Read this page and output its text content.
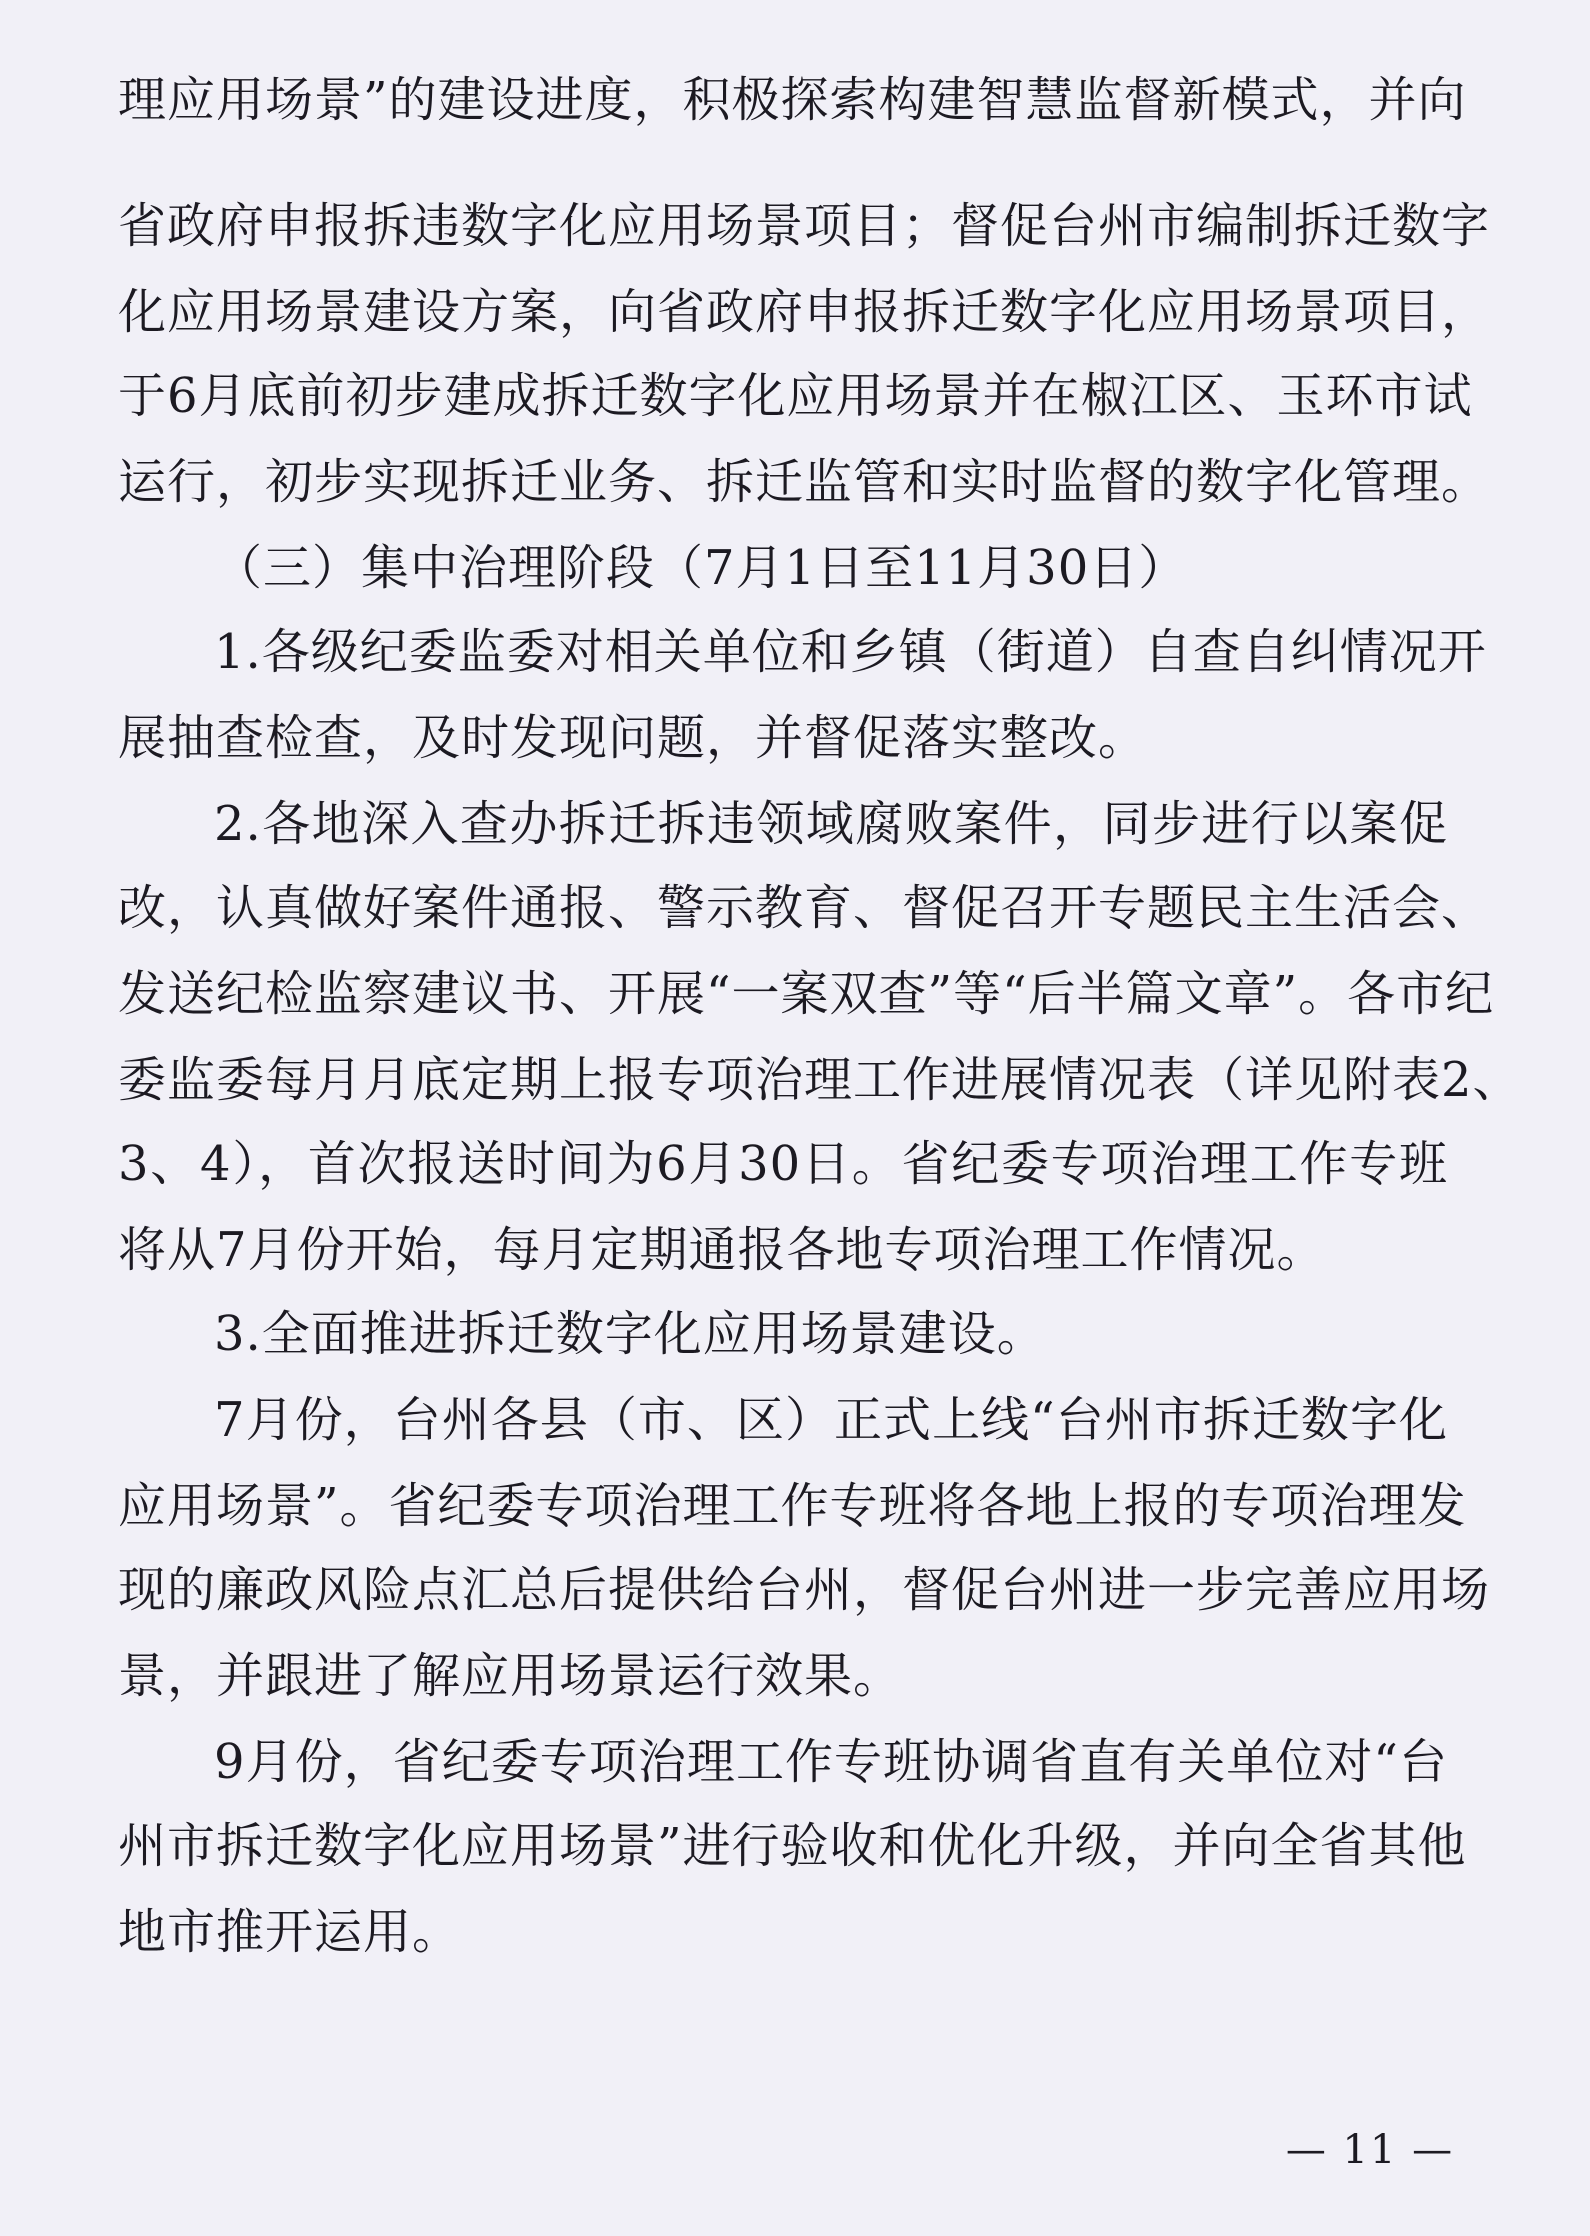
理应用场景”的建设进度，积极探索构建智慧监督新模式，并向
省政府申报拆违数字化应用场景项目；督促台州市编制拆迁数字
化应用场景建设方案，向省政府申报拆迁数字化应用场景项目，
于6月底前初步建成拆迁数字化应用场景并在椒江区、玉环市试
运行，初步实现拆迁业务、拆迁监管和实时监督的数字化管理。
（三）集中治理阶段（7月1日至11月30日）
1.各级纪委监委对相关单位和乡镇（街道）自查自纠情况开
展抽查检查，及时发现问题，并督促落实整改。
2.各地深入查办拆迁拆违领域腐败案件，同步进行以案促
改，认真做好案件通报、警示教育、督促召开专题民主生活会、
发送纪检监察建议书、开展“一案双查”等“后半篇文章”。各市纪
委监委每月月底定期上报专项治理工作进展情况表（详见附表2、
3、4），首次报送时间为6月30日。省纪委专项治理工作专班
将从7月份开始，每月定期通报各地专项治理工作情况。
3.全面推进拆迁数字化应用场景建设。
7月份，台州各县（市、区）正式上线“台州市拆迁数字化
应用场景”。省纪委专项治理工作专班将各地上报的专项治理发
现的廉政风险点汇总后提供给台州，督促台州进一步完善应用场
景，并跟进了解应用场景运行效果。
9月份，省纪委专项治理工作专班协调省直有关单位对“台
州市拆迁数字化应用场景”进行验收和优化升级，并向全省其他
地市推开运用。
— 11 —
